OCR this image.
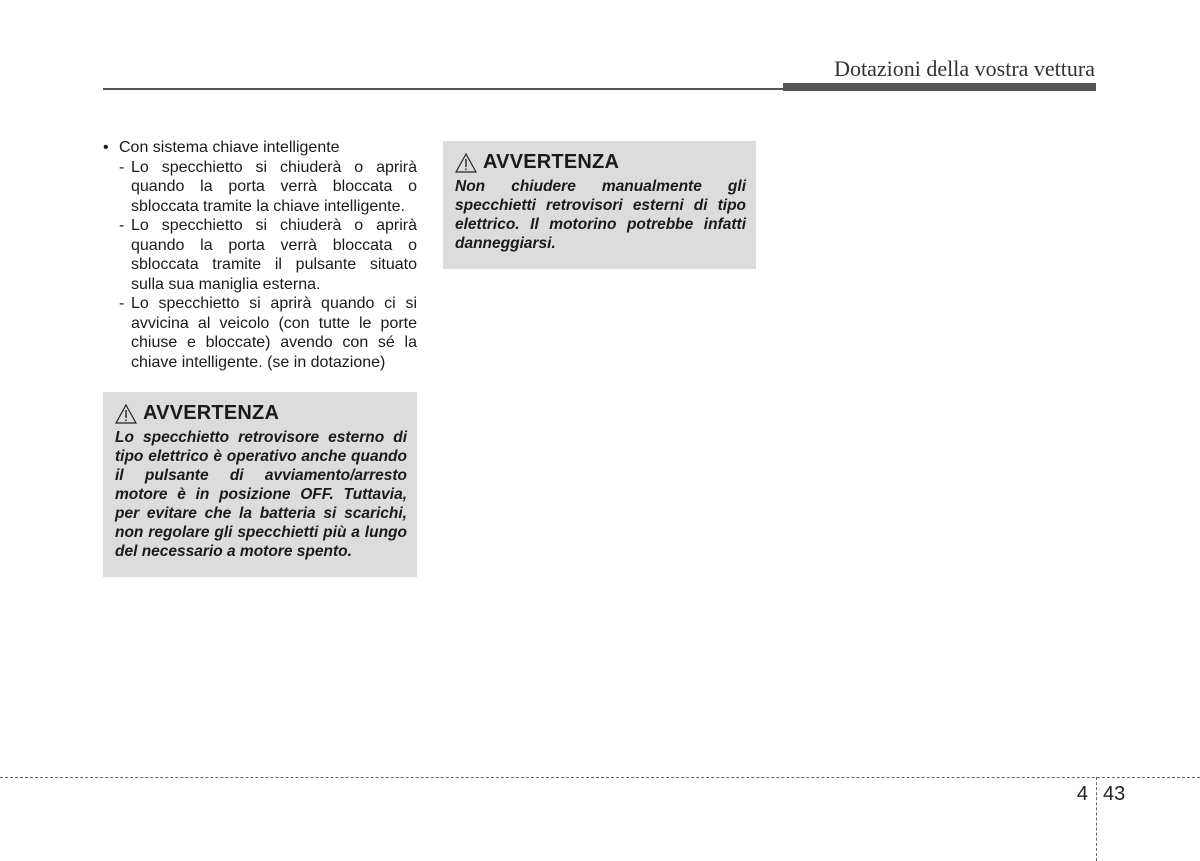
Dotazioni della vostra vettura
• Con sistema chiave intelligente
- Lo specchietto si chiuderà o aprirà quando la porta verrà bloccata o sbloccata tramite la chiave intelligente.
- Lo specchietto si chiuderà o aprirà quando la porta verrà bloccata o sbloccata tramite il pulsante situato sulla sua maniglia esterna.
- Lo specchietto si aprirà quando ci si avvicina al veicolo (con tutte le porte chiuse e bloccate) avendo con sé la chiave intelligente. (se in dotazione)
AVVERTENZA
Lo specchietto retrovisore esterno di tipo elettrico è operativo anche quando il pulsante di avviamento/arresto motore è in posizione OFF. Tuttavia, per evitare che la batteria si scarichi, non regolare gli specchietti più a lungo del necessario a motore spento.
AVVERTENZA
Non chiudere manualmente gli specchietti retrovisori esterni di tipo elettrico. Il motorino potrebbe infatti danneggiarsi.
4 43
